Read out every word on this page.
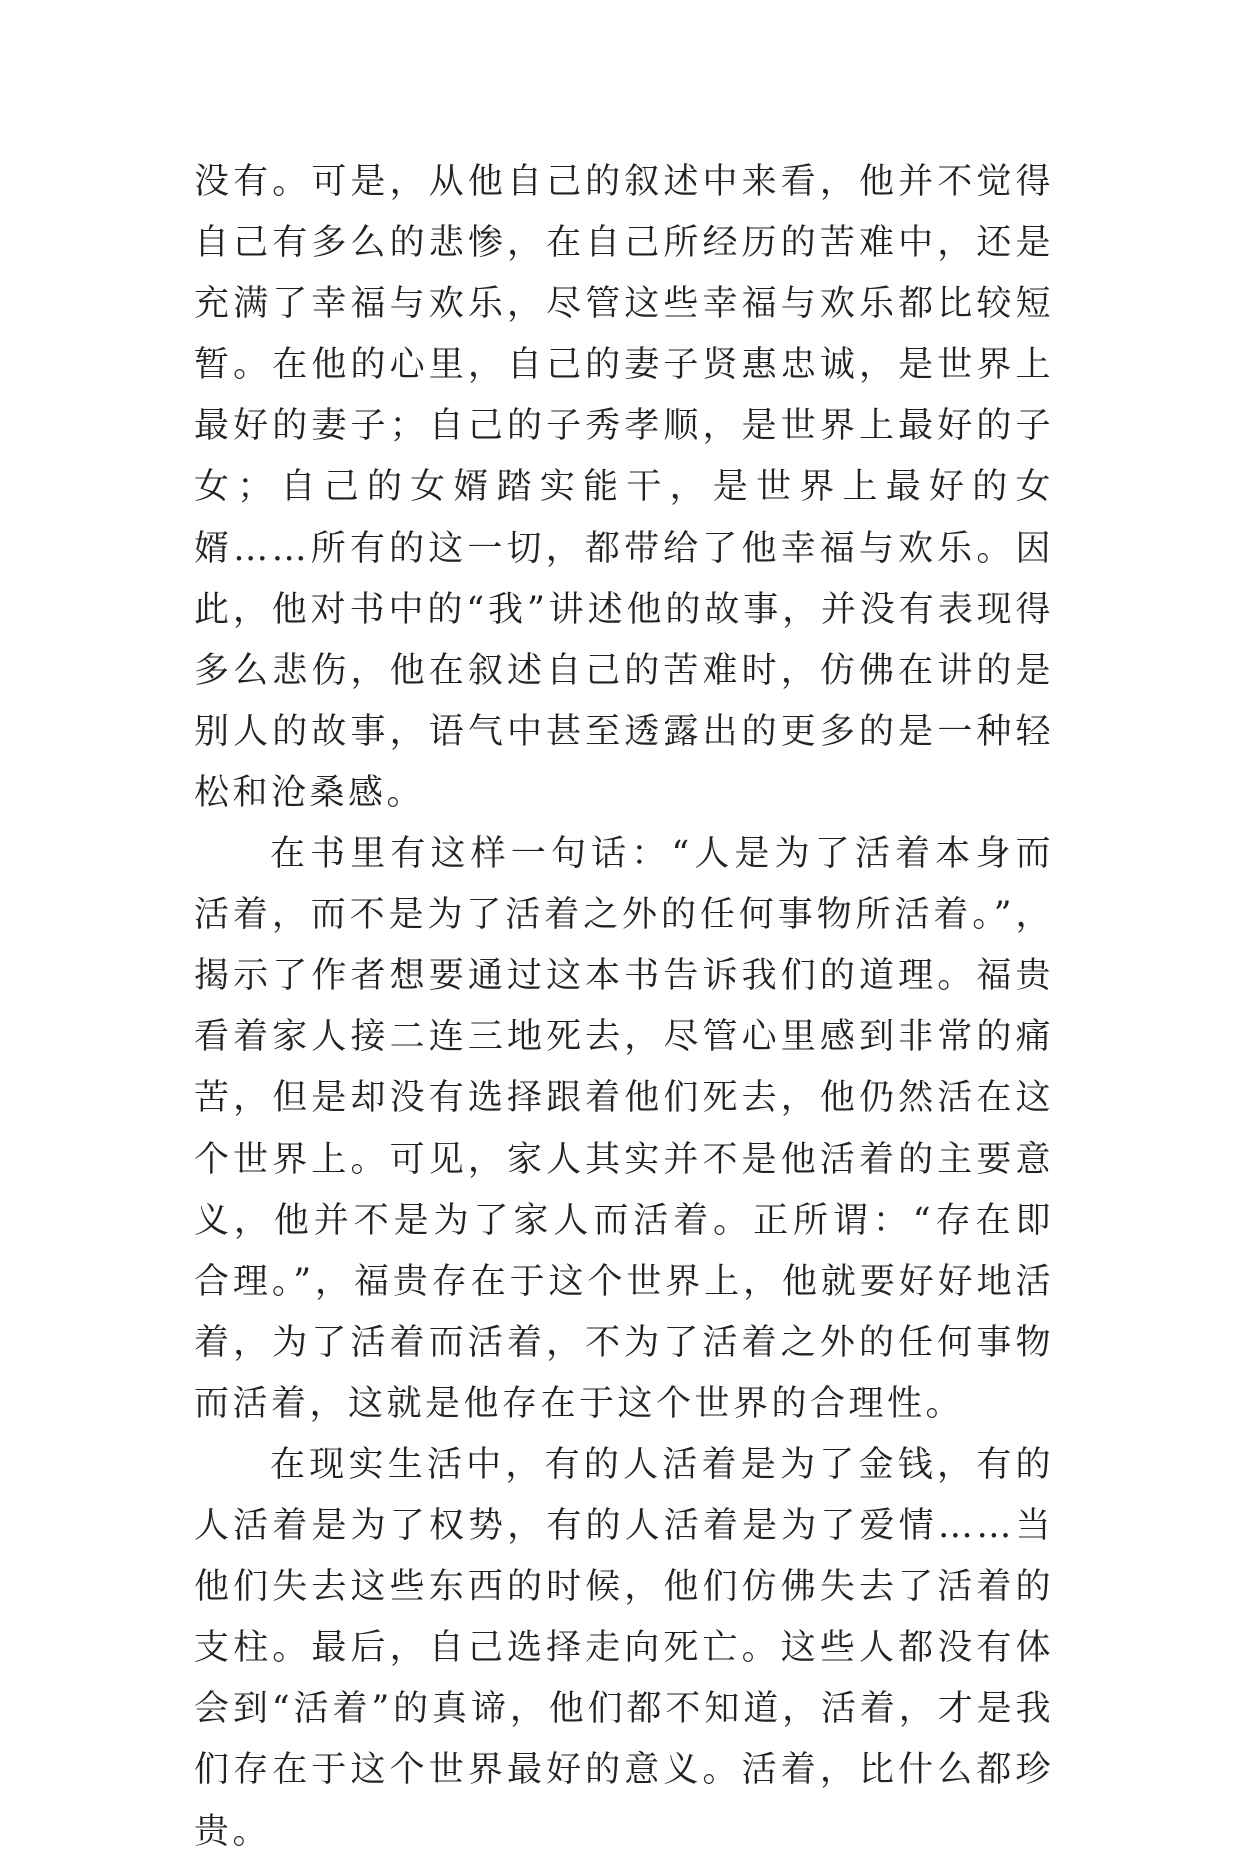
没有。可是，从他自己的叙述中来看，他并不觉得自己有多么的悲惨，在自己所经历的苦难中，还是充满了幸福与欢乐，尽管这些幸福与欢乐都比较短暂。在他的心里，自己的妻子贤惠忠诚，是世界上最好的妻子；自己的子秀孝顺，是世界上最好的子女；自己的女婿踏实能干，是世界上最好的女婿……所有的这一切，都带给了他幸福与欢乐。因此，他对书中的“我”讲述他的故事，并没有表现得多么悲伤，他在叙述自己的苦难时，仿佛在讲的是别人的故事，语气中甚至透露出的更多的是一种轻松和沧桑感。

在书里有这样一句话：“人是为了活着本身而活着，而不是为了活着之外的任何事物所活着。”，揭示了作者想要通过这本书告诉我们的道理。福贵看着家人接二连三地死去，尽管心里感到非常的痛苦，但是却没有选择跟着他们死去，他仍然活在这个世界上。可见，家人其实并不是他活着的主要意义，他并不是为了家人而活着。正所谓：“存在即合理。”，福贵存在于这个世界上，他就要好好地活着，为了活着而活着，不为了活着之外的任何事物而活着，这就是他存在于这个世界的合理性。

在现实生活中，有的人活着是为了金钱，有的人活着是为了权势，有的人活着是为了爱情……当他们失去这些东西的时候，他们仿佛失去了活着的支柱。最后，自己选择走向死亡。这些人都没有体会到“活着”的真谛，他们都不知道，活着，才是我们存在于这个世界最好的意义。活着，比什么都珍贵。
